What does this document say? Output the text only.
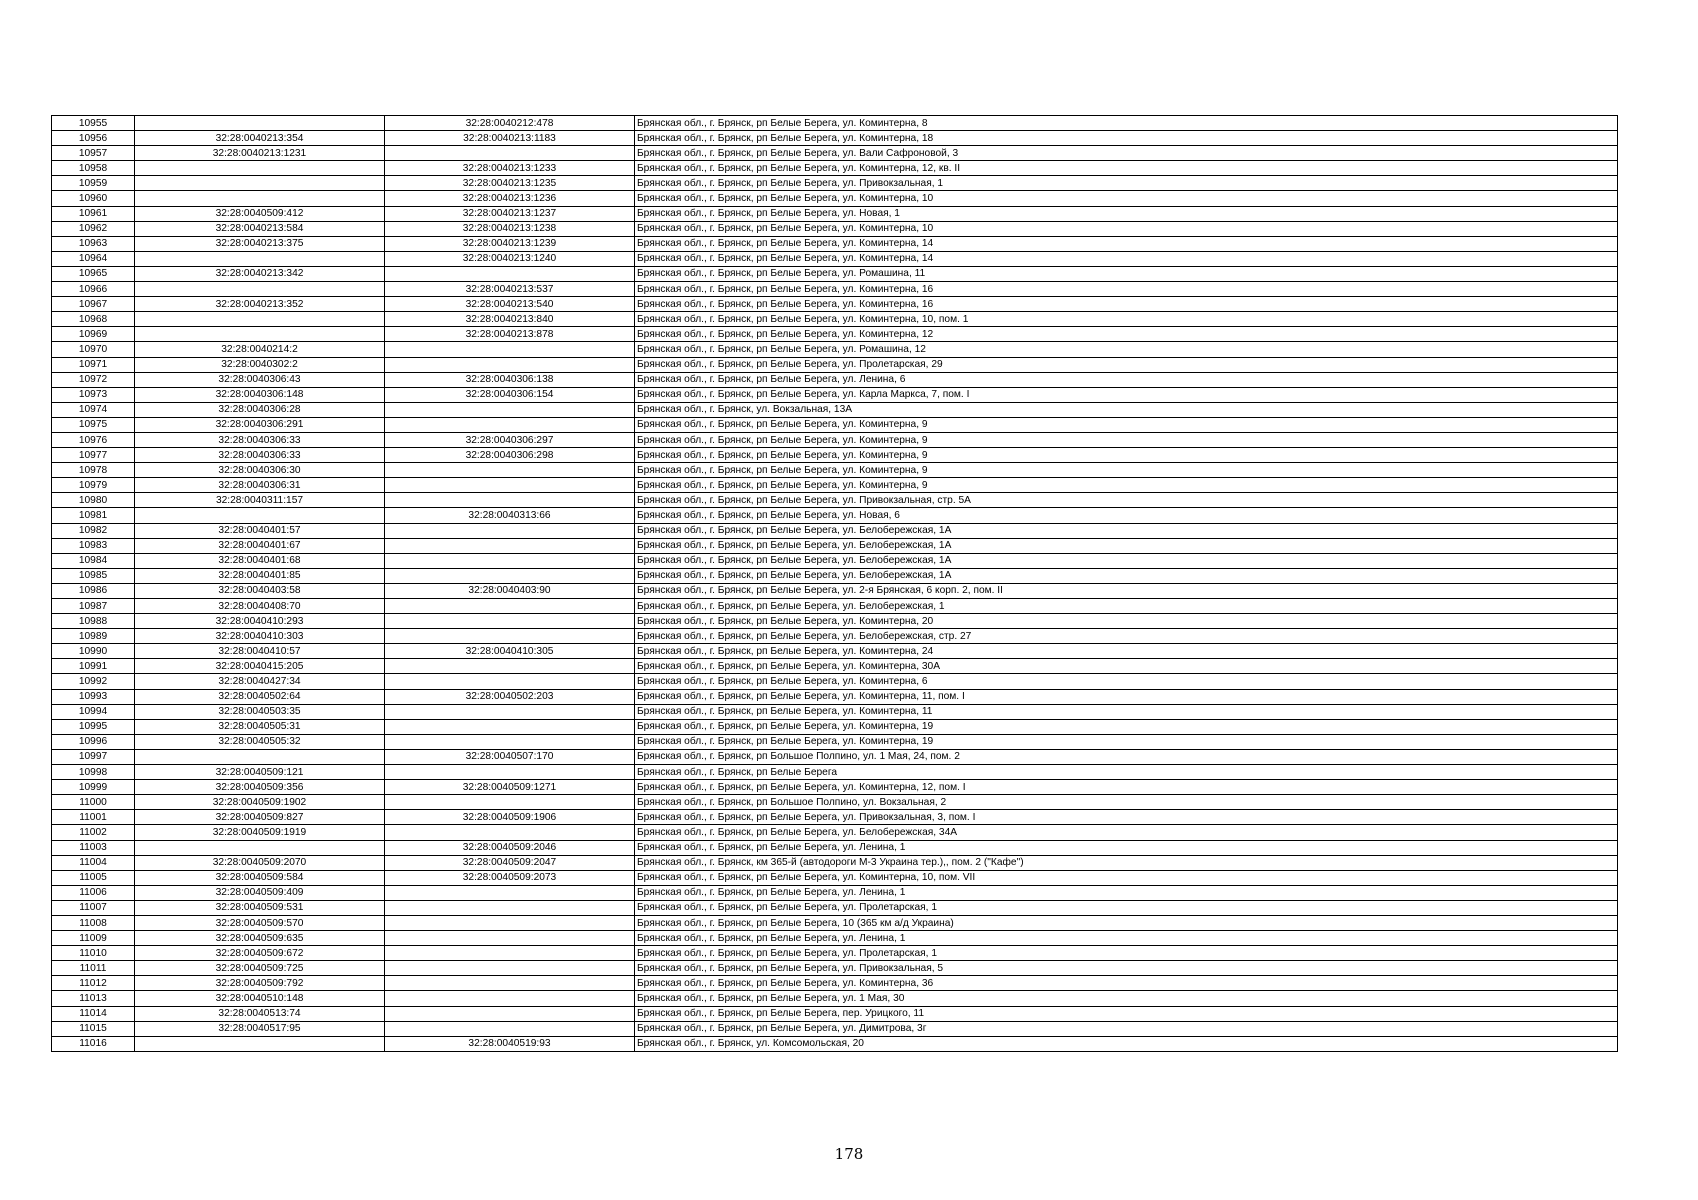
10955		32:28:0040212:478	Брянская обл., г. Брянск, рп Белые Берега, ул. Коминтерна, 8
10956	32:28:0040213:354	32:28:0040213:1183	Брянская обл., г. Брянск, рп Белые Берега, ул. Коминтерна, 18
10957	32:28:0040213:1231		Брянская обл., г. Брянск, рп Белые Берега, ул. Вали Сафроновой, 3
10958		32:28:0040213:1233	Брянская обл., г. Брянск, рп Белые Берега, ул. Коминтерна, 12, кв. II
10959		32:28:0040213:1235	Брянская обл., г. Брянск, рп Белые Берега, ул. Привокзальная, 1
10960		32:28:0040213:1236	Брянская обл., г. Брянск, рп Белые Берега, ул. Коминтерна, 10
10961	32:28:0040509:412	32:28:0040213:1237	Брянская обл., г. Брянск, рп Белые Берега, ул. Новая, 1
10962	32:28:0040213:584	32:28:0040213:1238	Брянская обл., г. Брянск, рп Белые Берега, ул. Коминтерна, 10
10963	32:28:0040213:375	32:28:0040213:1239	Брянская обл., г. Брянск, рп Белые Берега, ул. Коминтерна, 14
10964		32:28:0040213:1240	Брянская обл., г. Брянск, рп Белые Берега, ул. Коминтерна, 14
10965	32:28:0040213:342		Брянская обл., г. Брянск, рп Белые Берега, ул. Ромашина, 11
10966		32:28:0040213:537	Брянская обл., г. Брянск, рп Белые Берега, ул. Коминтерна, 16
10967	32:28:0040213:352	32:28:0040213:540	Брянская обл., г. Брянск, рп Белые Берега, ул. Коминтерна, 16
10968		32:28:0040213:840	Брянская обл., г. Брянск, рп Белые Берега, ул. Коминтерна, 10, пом. 1
10969		32:28:0040213:878	Брянская обл., г. Брянск, рп Белые Берега, ул. Коминтерна, 12
10970	32:28:0040214:2		Брянская обл., г. Брянск, рп Белые Берега, ул. Ромашина, 12
10971	32:28:0040302:2		Брянская обл., г. Брянск, рп Белые Берега, ул. Пролетарская, 29
10972	32:28:0040306:43	32:28:0040306:138	Брянская обл., г. Брянск, рп Белые Берега, ул. Ленина, 6
10973	32:28:0040306:148	32:28:0040306:154	Брянская обл., г. Брянск, рп Белые Берега, ул. Карла Маркса, 7, пом. I
10974	32:28:0040306:28		Брянская обл., г. Брянск, ул. Вокзальная, 13А
10975	32:28:0040306:291		Брянская обл., г. Брянск, рп Белые Берега, ул. Коминтерна, 9
10976	32:28:0040306:33	32:28:0040306:297	Брянская обл., г. Брянск, рп Белые Берега, ул. Коминтерна, 9
10977	32:28:0040306:33	32:28:0040306:298	Брянская обл., г. Брянск, рп Белые Берега, ул. Коминтерна, 9
10978	32:28:0040306:30		Брянская обл., г. Брянск, рп Белые Берега, ул. Коминтерна, 9
10979	32:28:0040306:31		Брянская обл., г. Брянск, рп Белые Берега, ул. Коминтерна, 9
10980	32:28:0040311:157		Брянская обл., г. Брянск, рп Белые Берега, ул. Привокзальная, стр. 5А
10981		32:28:0040313:66	Брянская обл., г. Брянск, рп Белые Берега, ул. Новая, 6
10982	32:28:0040401:57		Брянская обл., г. Брянск, рп Белые Берега, ул. Белобережская, 1А
10983	32:28:0040401:67		Брянская обл., г. Брянск, рп Белые Берега, ул. Белобережская, 1А
10984	32:28:0040401:68		Брянская обл., г. Брянск, рп Белые Берега, ул. Белобережская, 1А
10985	32:28:0040401:85		Брянская обл., г. Брянск, рп Белые Берега, ул. Белобережская, 1А
10986	32:28:0040403:58	32:28:0040403:90	Брянская обл., г. Брянск, рп Белые Берега, ул. 2-я Брянская, 6 корп. 2, пом. II
10987	32:28:0040408:70		Брянская обл., г. Брянск, рп Белые Берега, ул. Белобережская, 1
10988	32:28:0040410:293		Брянская обл., г. Брянск, рп Белые Берега, ул. Коминтерна, 20
10989	32:28:0040410:303		Брянская обл., г. Брянск, рп Белые Берега, ул. Белобережская, стр. 27
10990	32:28:0040410:57	32:28:0040410:305	Брянская обл., г. Брянск, рп Белые Берега, ул. Коминтерна, 24
10991	32:28:0040415:205		Брянская обл., г. Брянск, рп Белые Берега, ул. Коминтерна, 30А
10992	32:28:0040427:34		Брянская обл., г. Брянск, рп Белые Берега, ул. Коминтерна, 6
10993	32:28:0040502:64	32:28:0040502:203	Брянская обл., г. Брянск, рп Белые Берега, ул. Коминтерна, 11, пом. I
10994	32:28:0040503:35		Брянская обл., г. Брянск, рп Белые Берега, ул. Коминтерна, 11
10995	32:28:0040505:31		Брянская обл., г. Брянск, рп Белые Берега, ул. Коминтерна, 19
10996	32:28:0040505:32		Брянская обл., г. Брянск, рп Белые Берега, ул. Коминтерна, 19
10997		32:28:0040507:170	Брянская обл., г. Брянск, рп Большое Полпино, ул. 1 Мая, 24, пом. 2
10998	32:28:0040509:121		Брянская обл., г. Брянск, рп Белые Берега
10999	32:28:0040509:356	32:28:0040509:1271	Брянская обл., г. Брянск, рп Белые Берега, ул. Коминтерна, 12, пом. I
11000	32:28:0040509:1902		Брянская обл., г. Брянск, рп Большое Полпино, ул. Вокзальная, 2
11001	32:28:0040509:827	32:28:0040509:1906	Брянская обл., г. Брянск, рп Белые Берега, ул. Привокзальная, 3, пом. I
11002	32:28:0040509:1919		Брянская обл., г. Брянск, рп Белые Берега, ул. Белобережская, 34А
11003		32:28:0040509:2046	Брянская обл., г. Брянск, рп Белые Берега, ул. Ленина, 1
11004	32:28:0040509:2070	32:28:0040509:2047	Брянская обл., г. Брянск, км 365-й (автодороги М-3 Украина тер.),, пом. 2 ("Кафе")
11005	32:28:0040509:584	32:28:0040509:2073	Брянская обл., г. Брянск, рп Белые Берега, ул. Коминтерна, 10, пом. VII
11006	32:28:0040509:409		Брянская обл., г. Брянск, рп Белые Берега, ул. Ленина, 1
11007	32:28:0040509:531		Брянская обл., г. Брянск, рп Белые Берега, ул. Пролетарская, 1
11008	32:28:0040509:570		Брянская обл., г. Брянск, рп Белые Берега, 10 (365 км а/д Украина)
11009	32:28:0040509:635		Брянская обл., г. Брянск, рп Белые Берега, ул. Ленина, 1
11010	32:28:0040509:672		Брянская обл., г. Брянск, рп Белые Берега, ул. Пролетарская, 1
11011	32:28:0040509:725		Брянская обл., г. Брянск, рп Белые Берега, ул. Привокзальная, 5
11012	32:28:0040509:792		Брянская обл., г. Брянск, рп Белые Берега, ул. Коминтерна, 36
11013	32:28:0040510:148		Брянская обл., г. Брянск, рп Белые Берега, ул. 1 Мая, 30
11014	32:28:0040513:74		Брянская обл., г. Брянск, рп Белые Берега, пер. Урицкого, 11
11015	32:28:0040517:95		Брянская обл., г. Брянск, рп Белые Берега, ул. Димитрова, 3г
11016		32:28:0040519:93	Брянская обл., г. Брянск, ул. Комсомольская, 20
178
